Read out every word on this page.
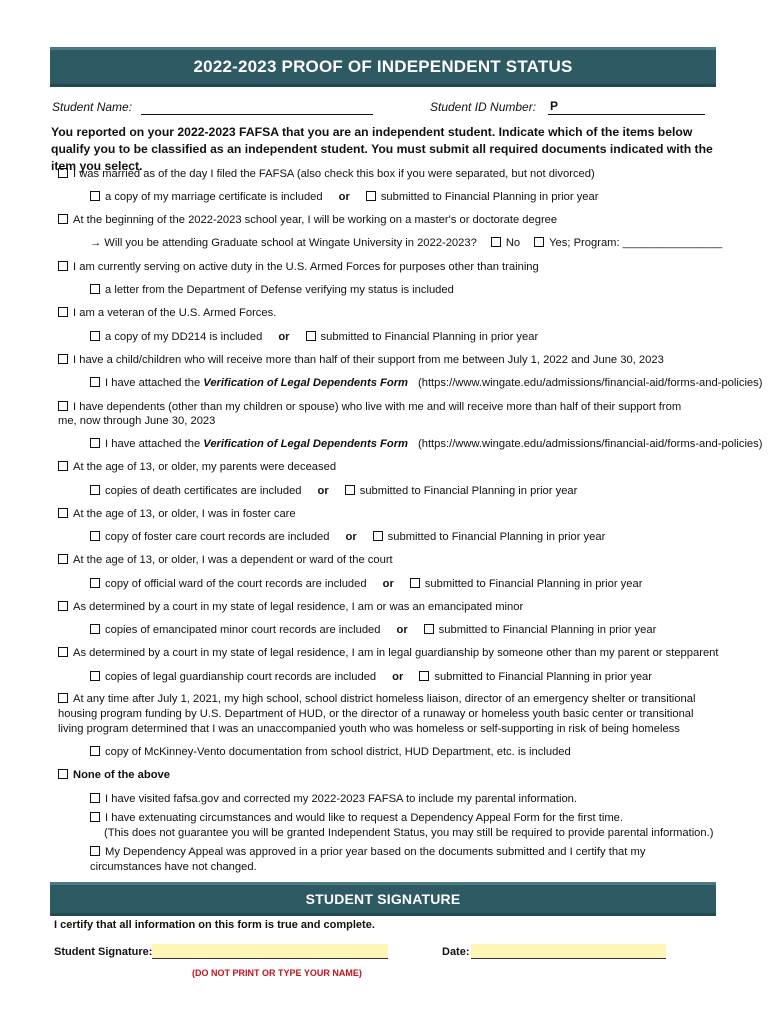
2022-2023 PROOF OF INDEPENDENT STATUS
Student Name:	Student ID Number: P
You reported on your 2022-2023 FAFSA that you are an independent student. Indicate which of the items below qualify you to be classified as an independent student. You must submit all required documents indicated with the item you select.
I was married as of the day I filed the FAFSA (also check this box if you were separated, but not divorced)
a copy of my marriage certificate is included or	submitted to Financial Planning in prior year
At the beginning of the 2022-2023 school year, I will be working on a master's or doctorate degree
→ Will you be attending Graduate school at Wingate University in 2022-2023?	No	Yes; Program: ________________
I am currently serving on active duty in the U.S. Armed Forces for purposes other than training
a letter from the Department of Defense verifying my status is included
I am a veteran of the U.S. Armed Forces.
a copy of my DD214 is included or	submitted to Financial Planning in prior year
I have a child/children who will receive more than half of their support from me between July 1, 2022 and June 30, 2023
I have attached the Verification of Legal Dependents Form (https://www.wingate.edu/admissions/financial-aid/forms-and-policies)
I have dependents (other than my children or spouse) who live with me and will receive more than half of their support from me, now through June 30, 2023
I have attached the Verification of Legal Dependents Form (https://www.wingate.edu/admissions/financial-aid/forms-and-policies)
At the age of 13, or older, my parents were deceased
copies of death certificates are included or	submitted to Financial Planning in prior year
At the age of 13, or older, I was in foster care
copy of foster care court records are included or	submitted to Financial Planning in prior year
At the age of 13, or older, I was a dependent or ward of the court
copy of official ward of the court records are included or	submitted to Financial Planning in prior year
As determined by a court in my state of legal residence, I am or was an emancipated minor
copies of emancipated minor court records are included or	submitted to Financial Planning in prior year
As determined by a court in my state of legal residence, I am in legal guardianship by someone other than my parent or stepparent
copies of legal guardianship court records are included or	submitted to Financial Planning in prior year
At any time after July 1, 2021, my high school, school district homeless liaison, director of an emergency shelter or transitional housing program funding by U.S. Department of HUD, or the director of a runaway or homeless youth basic center or transitional living program determined that I was an unaccompanied youth who was homeless or self-supporting in risk of being homeless
copy of McKinney-Vento documentation from school district, HUD Department, etc. is included
None of the above
I have visited fafsa.gov and corrected my 2022-2023 FAFSA to include my parental information.
I have extenuating circumstances and would like to request a Dependency Appeal Form for the first time.
(This does not guarantee you will be granted Independent Status, you may still be required to provide parental information.)
My Dependency Appeal was approved in a prior year based on the documents submitted and I certify that my circumstances have not changed.
STUDENT SIGNATURE
I certify that all information on this form is true and complete.
Student Signature:	Date:
(DO NOT PRINT OR TYPE YOUR NAME)
